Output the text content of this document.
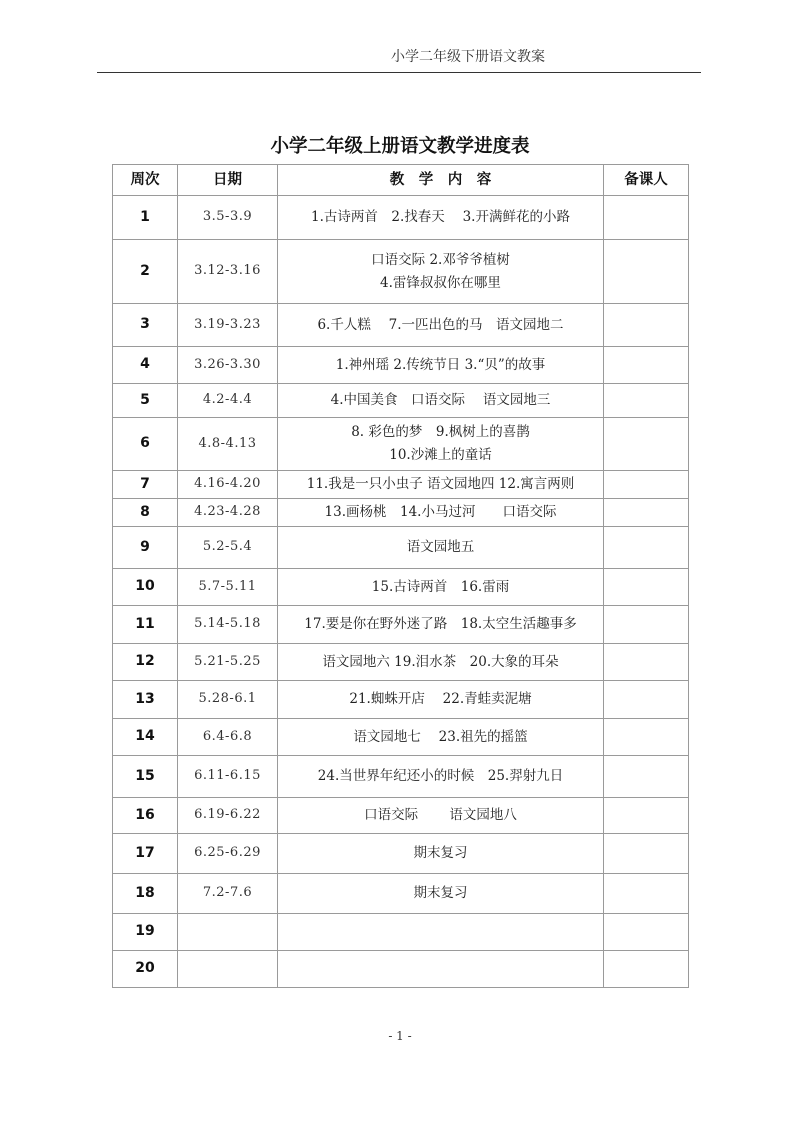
小学二年级下册语文教案
小学二年级上册语文教学进度表
周次	日期	教　学　内　容	备课人
1	3.5-3.9	1.古诗两首　2.找春天　 3.开满鲜花的小路	

2	3.12-3.16	口语交际 2.邓爷爷植树
4.雷锋叔叔你在哪里	

3	3.19-3.23	6.千人糕　 7.一匹出色的马　语文园地二	

4	3.26-3.30	1.神州瑶 2.传统节日 3.“贝”的故事	

5	4.2-4.4	4.中国美食　口语交际　 语文园地三	

6	4.8-4.13	8. 彩色的梦　9.枫树上的喜鹊
10.沙滩上的童话	

7	4.16-4.20	11.我是一只小虫子 语文园地四 12.寓言两则	

8	4.23-4.28	13.画杨桃　14.小马过河　　口语交际	

9	5.2-5.4	语文园地五	

10	5.7-5.11	15.古诗两首　16.雷雨	

11	5.14-5.18	17.要是你在野外迷了路　18.太空生活趣事多	

12	5.21-5.25	语文园地六 19.泪水茶　20.大象的耳朵	

13	5.28-6.1	21.蜘蛛开店　 22.青蛙卖泥塘	

14	6.4-6.8	语文园地七　 23.祖先的摇篮	

15	6.11-6.15	24.当世界年纪还小的时候　25.羿射九日	

16	6.19-6.22	口语交际　　 语文园地八	

17	6.25-6.29	期末复习	

18	7.2-7.6	期末复习	

19		

20		

- 1 -
